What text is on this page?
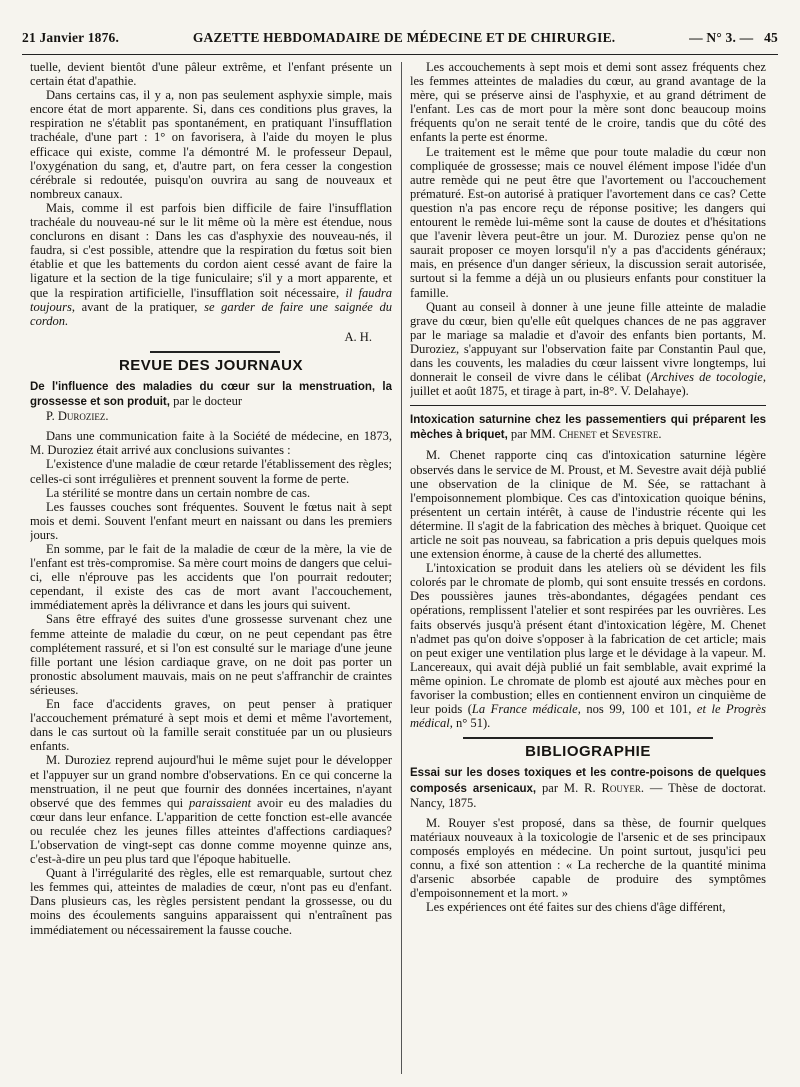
21 Janvier 1876.	GAZETTE HEBDOMADAIRE DE MÉDECINE ET DE CHIRURGIE.	— N° 3. — 45

tuelle, devient bientôt d'une pâleur extrême, et l'enfant présente un certain état d'apathie.

Dans certains cas, il y a, non pas seulement asphyxie simple, mais encore état de mort apparente. Si, dans ces conditions plus graves, la respiration ne s'établit pas spontanément, en pratiquant l'insufflation trachéale, d'une part : 1° on favorisera, à l'aide du moyen le plus efficace qui existe, comme l'a démontré M. le professeur Depaul, l'oxygénation du sang, et, d'autre part, on fera cesser la congestion cérébrale si redoutée, puisqu'on ouvrira au sang de nouveaux et nombreux canaux.

Mais, comme il est parfois bien difficile de faire l'insufflation trachéale du nouveau-né sur le lit même où la mère est étendue, nous conclurons en disant : Dans les cas d'asphyxie des nouveau-nés, il faudra, si c'est possible, attendre que la respiration du fœtus soit bien établie et que les battements du cordon aient cessé avant de faire la ligature et la section de la tige funiculaire; s'il y a mort apparente, et que la respiration artificielle, l'insufflation soit nécessaire, il faudra toujours, avant de la pratiquer, se garder de faire une saignée du cordon.

A. H.
REVUE DES JOURNAUX

De l'influence des maladies du cœur sur la menstruation, la grossesse et son produit, par le docteur
P. Duroziez.

Dans une communication faite à la Société de médecine, en 1873, M. Duroziez était arrivé aux conclusions suivantes :

L'existence d'une maladie de cœur retarde l'établissement des règles; celles-ci sont irrégulières et prennent souvent la forme de perte.

La stérilité se montre dans un certain nombre de cas.

Les fausses couches sont fréquentes. Souvent le fœtus nait à sept mois et demi. Souvent l'enfant meurt en naissant ou dans les premiers jours.

En somme, par le fait de la maladie de cœur de la mère, la vie de l'enfant est très-compromise. Sa mère court moins de dangers que celui-ci, elle n'éprouve pas les accidents que l'on pourrait redouter; cependant, il existe des cas de mort avant l'accouchement, immédiatement après la délivrance et dans les jours qui suivent.

Sans être effrayé des suites d'une grossesse survenant chez une femme atteinte de maladie du cœur, on ne peut cependant pas être complétement rassuré, et si l'on est consulté sur le mariage d'une jeune fille portant une lésion cardiaque grave, on ne doit pas porter un pronostic absolument mauvais, mais on ne peut s'affranchir de craintes sérieuses.

En face d'accidents graves, on peut penser à pratiquer l'accouchement prématuré à sept mois et demi et même l'avortement, dans le cas surtout où la famille serait constituée par un ou plusieurs enfants.

M. Duroziez reprend aujourd'hui le même sujet pour le développer et l'appuyer sur un grand nombre d'observations. En ce qui concerne la menstruation, il ne peut que fournir des données incertaines, n'ayant observé que des femmes qui paraissaient avoir eu des maladies du cœur dans leur enfance. L'apparition de cette fonction est-elle avancée ou reculée chez les jeunes filles atteintes d'affections cardiaques? L'observation de vingt-sept cas donne comme moyenne quinze ans, c'est-à-dire un peu plus tard que l'époque habituelle.

Quant à l'irrégularité des règles, elle est remarquable, surtout chez les femmes qui, atteintes de maladies de cœur, n'ont pas eu d'enfant. Dans plusieurs cas, les règles persistent pendant la grossesse, ou du moins des écoulements sanguins apparaissent qui n'entraînent pas immédiatement ou nécessairement la fausse couche.

Les accouchements à sept mois et demi sont assez fréquents chez les femmes atteintes de maladies du cœur, au grand avantage de la mère, qui se préserve ainsi de l'asphyxie, et au grand détriment de l'enfant. Les cas de mort pour la mère sont donc beaucoup moins fréquents qu'on ne serait tenté de le croire, tandis que du côté des enfants la perte est énorme.

Le traitement est le même que pour toute maladie du cœur non compliquée de grossesse; mais ce nouvel élément impose l'idée d'un autre remède qui ne peut être que l'avortement ou l'accouchement prématuré. Est-on autorisé à pratiquer l'avortement dans ce cas? Cette question n'a pas encore reçu de réponse positive; les dangers qui entourent le remède lui-même sont la cause de doutes et d'hésitations que l'avenir lèvera peut-être un jour. M. Duroziez pense qu'on ne saurait proposer ce moyen lorsqu'il n'y a pas d'accidents généraux; mais, en présence d'un danger sérieux, la discussion serait autorisée, surtout si la femme a déjà un ou plusieurs enfants pour constituer la famille.

Quant au conseil à donner à une jeune fille atteinte de maladie grave du cœur, bien qu'elle eût quelques chances de ne pas aggraver par le mariage sa maladie et d'avoir des enfants bien portants, M. Duroziez, s'appuyant sur l'observation faite par Constantin Paul que, dans les couvents, les maladies du cœur laissent vivre longtemps, lui donnerait le conseil de vivre dans le célibat (Archives de tocologie, juillet et août 1875, et tirage à part, in-8°. V. Delahaye).

Intoxication saturnine chez les passementiers qui préparent les mèches à briquet, par MM. Chenet et Sevestre.

M. Chenet rapporte cinq cas d'intoxication saturnine légère observés dans le service de M. Proust, et M. Sevestre avait déjà publié une observation de la clinique de M. Sée, se rattachant à l'empoisonnement plombique. Ces cas d'intoxication quoique bénins, présentent un certain intérêt, à cause de l'industrie récente qui les détermine. Il s'agit de la fabrication des mèches à briquet. Quoique cet article ne soit pas nouveau, sa fabrication a pris depuis quelques mois une extension énorme, à cause de la cherté des allumettes.

L'intoxication se produit dans les ateliers où se dévident les fils colorés par le chromate de plomb, qui sont ensuite tressés en cordons. Des poussières jaunes très-abondantes, dégagées pendant ces opérations, remplissent l'atelier et sont respirées par les ouvrières. Les faits observés jusqu'à présent étant d'intoxication légère, M. Chenet n'admet pas qu'on doive s'opposer à la fabrication de cet article; mais on peut exiger une ventilation plus large et le dévidage à la vapeur. M. Lancereaux, qui avait déjà publié un fait semblable, avait exprimé la même opinion. Le chromate de plomb est ajouté aux mèches pour en favoriser la combustion; elles en contiennent environ un cinquième de leur poids (La France médicale, nos 99, 100 et 101, et le Progrès médical, n° 51).

BIBLIOGRAPHIE

Essai sur les doses toxiques et les contre-poisons de quelques composés arsenicaux, par M. R. Rouyer. — Thèse de doctorat. Nancy, 1875.

M. Rouyer s'est proposé, dans sa thèse, de fournir quelques matériaux nouveaux à la toxicologie de l'arsenic et de ses principaux composés employés en médecine. Un point surtout, jusqu'ici peu connu, a fixé son attention : « La recherche de la quantité minima d'arsenic absorbée capable de produire des symptômes d'empoisonnement et la mort. »

Les expériences ont été faites sur des chiens d'âge différent,
